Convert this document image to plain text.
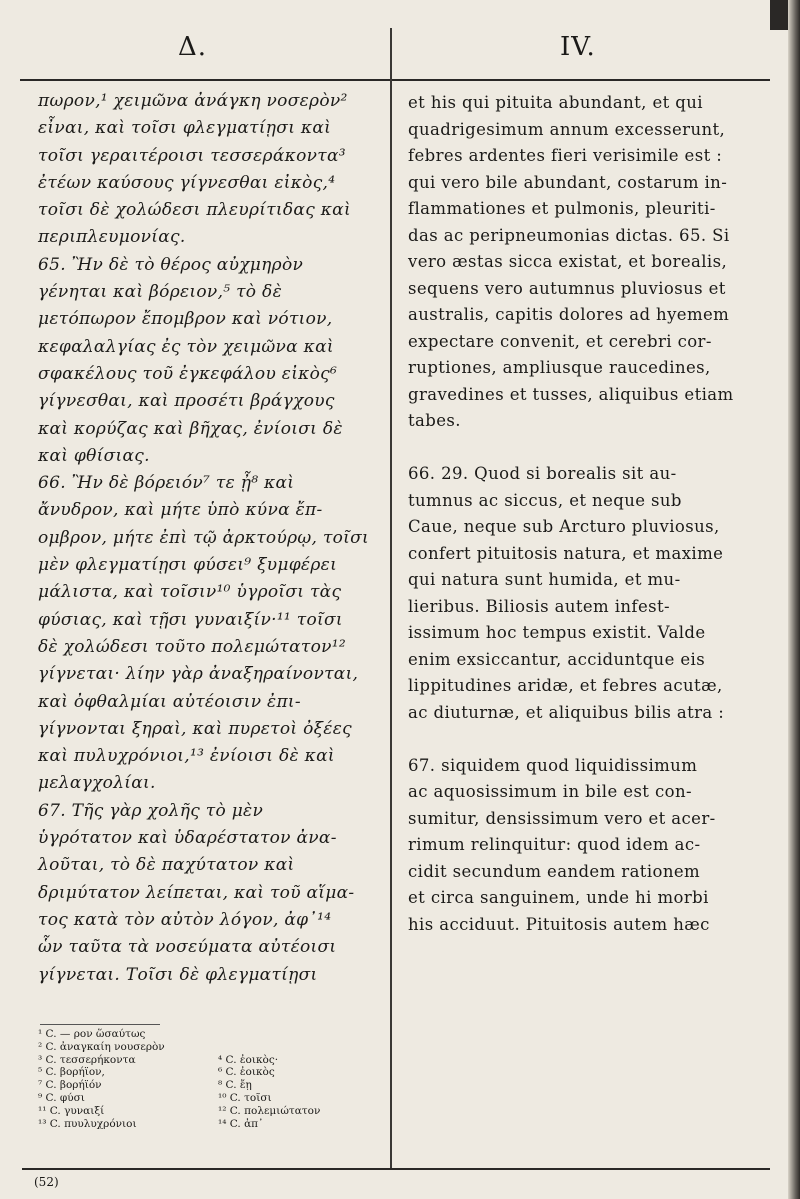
Δ.	IV.
πωρον,¹ χειμῶνα ἀνάγκη νοσερὸν²
εἶναι, καὶ τοῖσι φλεγματίῃσι καὶ
τοῖσι γεραιτέροισι τεσσεράκοντα³
ἐτέων καύσους γίγνεσθαι εἰκὸς,⁴
τοῖσι δὲ χολώδεσι πλευρίτιδας καὶ
περιπλευμονίας.
65. Ἢν δὲ τὸ θέρος αὐχμηρὸν
γένηται καὶ βόρειον,⁵ τὸ δὲ
μετόπωρον ἔπομβρον καὶ νότιον,
κεφαλαλγίας ἐς τὸν χειμῶνα καὶ
σφακέλους τοῦ ἐγκεφάλου εἰκὸς⁶
γίγνεσθαι, καὶ προσέτι βράγχους
καὶ κορύζας καὶ βῆχας, ἐνίοισι δὲ
καὶ φθίσιας.
66. Ἢν δὲ βόρειόν⁷ τε ᾖ⁸ καὶ
ἄνυδρον, καὶ μήτε ὑπὸ κύνα ἔπ-
ομβρον, μήτε ἐπὶ τῷ ἀρκτούρῳ, τοῖσι
μὲν φλεγματίῃσι φύσει⁹ ξυμφέρει
μάλιστα, καὶ τοῖσιν¹⁰ ὑγροῖσι τὰς
φύσιας, καὶ τῇσι γυναιξίν·¹¹ τοῖσι
δὲ χολώδεσι τοῦτο πολεμώτατον¹²
γίγνεται· λίην γὰρ ἀναξηραίνονται,
καὶ ὀφθαλμίαι αὐτέοισιν ἐπι-
γίγνονται ξηραὶ, καὶ πυρετοὶ ὀξέες
καὶ πυλυχρόνιοι,¹³ ἐνίοισι δὲ καὶ
μελαγχολίαι.
67. Τῆς γὰρ χολῆς τὸ μὲν
ὑγρότατον καὶ ὑδαρέστατον ἀνα-
λοῦται, τὸ δὲ παχύτατον καὶ
δριμύτατον λείπεται, καὶ τοῦ αἵμα-
τος κατὰ τὸν αὐτὸν λόγον, ἀφ᾽¹⁴
ὧν ταῦτα τὰ νοσεύματα αὐτέοισι
γίγνεται. Τοῖσι δὲ φλεγματίῃσι
et his qui pituita abundant, et qui
quadrigesimum annum excesserunt,
febres ardentes fieri verisimile est :
qui vero bile abundant, costarum in-
flammationes et pulmonis, pleuriti-
das ac peripneumonias dictas. 65. Si
vero æstas sicca existat, et borealis,
sequens vero autumnus pluviosus et
australis, capitis dolores ad hyemem
expectare convenit, et cerebri cor-
ruptiones, ampliusque raucedines,
gravedines et tusses, aliquibus etiam
tabes.
66. 29. Quod si borealis sit au-
tumnus ac siccus, et neque sub
Caue, neque sub Arcturo pluviosus,
confert pituitosis natura, et maxime
qui natura sunt humida, et mu-
lieribus. Biliosis autem infest-
issimum hoc tempus existit. Valde
enim exsiccantur, acciduntque eis
lippitudines aridæ, et febres acutæ,
ac diuturnæ, et aliquibus bilis atra :
67. siquidem quod liquidissimum
ac aquosissimum in bile est con-
sumitur, densissimum vero et acer-
rimum relinquitur: quod idem ac-
cidit secundum eandem rationem
et circa sanguinem, unde hi morbi
his acciduut. Pituitosis autem hæc
¹ C. — ρον ὥσαύτως
² C. ἀναγκαίη νουσερὸν
³ C. τεσσερήκοντα	⁴ C. ἐοικὸς·
⁵ C. βορήϊον,	⁶ C. ἐοικὸς
⁷ C. βορήϊόν	⁸ C. ἔῃ
⁹ C. φύσι	¹⁰ C. τοῖσι
¹¹ C. γυναιξί	¹² C. πολεμιώτατον
¹³ C. πυυλυχρόνιοι	¹⁴ C. ἀπ᾽
(52)
